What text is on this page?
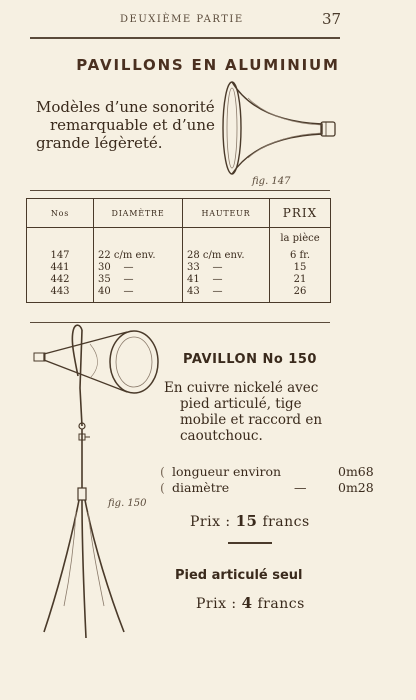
DEUXIÈME PARTIE	37
PAVILLONS EN ALUMINIUM
Modèles d’une sonorité
remarquable et d’une
grande légèreté.
fig. 147
Nos	DIAMÈTRE	HAUTEUR	PRIX
			la pièce
147	22 c/m env.	28 c/m env.	6 fr.
441	30    —	33    —	15
442	35    —	41    —	21
443	40    —	43    —	26
fig. 150
PAVILLON No 150
En cuivre nickelé avec
pied articulé, tige
mobile et raccord en
caoutchouc.
( longueur environ	0m68
( diamètre	—	0m28
Prix : 15 francs
Pied articulé seul
Prix : 4 francs
